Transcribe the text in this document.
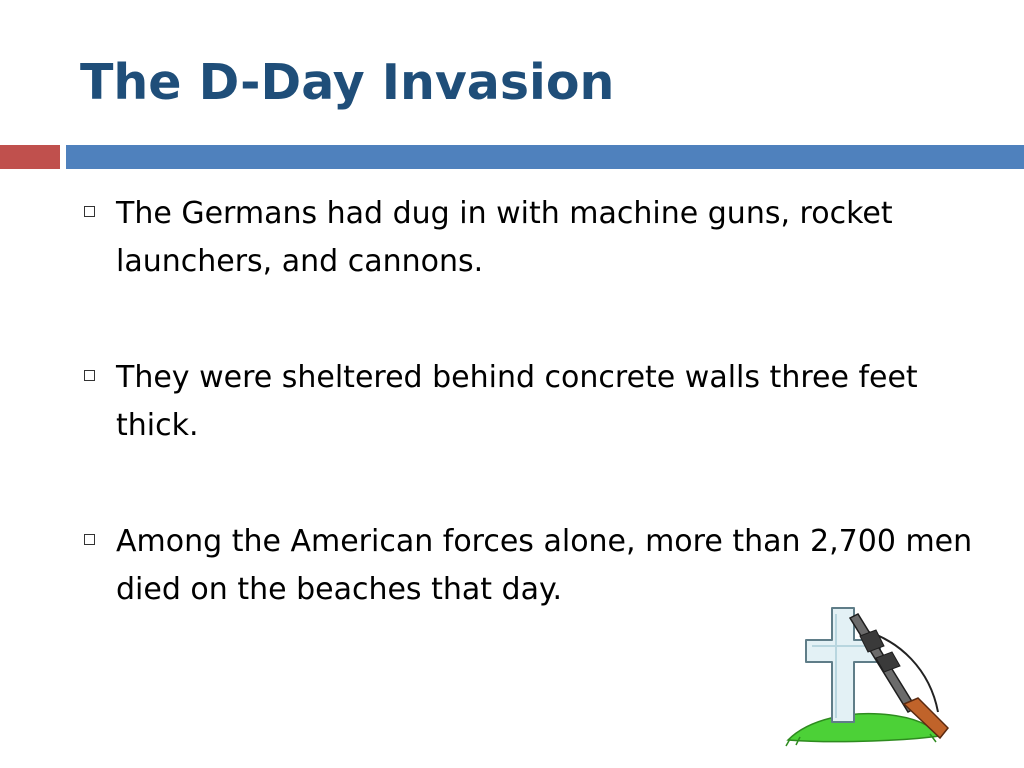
The D-Day Invasion
The Germans had dug in with machine guns, rocket launchers, and cannons.
They were sheltered behind concrete walls three feet thick.
Among the American forces alone, more than 2,700 men died on the beaches that day.
